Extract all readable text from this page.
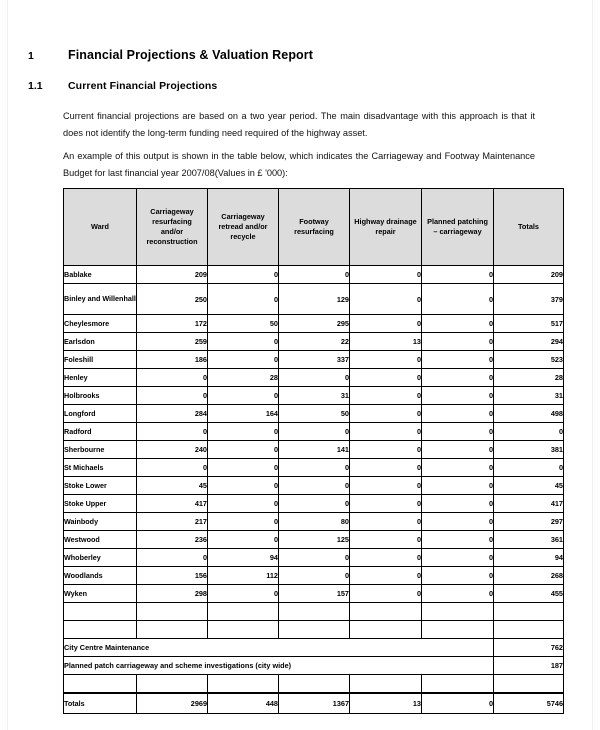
1	Financial Projections & Valuation Report
1.1	Current Financial Projections
Current financial projections are based on a two year period. The main disadvantage with this approach is that it does not identify the long-term funding need required of the highway asset.
An example of this output is shown in the table below, which indicates the Carriageway and Footway Maintenance Budget for last financial year 2007/08(Values in £ '000):
Ward	Carriageway resurfacing and/or reconstruction	Carriageway retread and/or recycle	Footway resurfacing	Highway drainage repair	Planned patching – carriageway	Totals
Bablake	209	0	0	0	0	209
Binley and Willenhall	250	0	129	0	0	379
Cheylesmore	172	50	295	0	0	517
Earlsdon	259	0	22	13	0	294
Foleshill	186	0	337	0	0	523
Henley	0	28	0	0	0	28
Holbrooks	0	0	31	0	0	31
Longford	284	164	50	0	0	498
Radford	0	0	0	0	0	0
Sherbourne	240	0	141	0	0	381
St Michaels	0	0	0	0	0	0
Stoke Lower	45	0	0	0	0	45
Stoke Upper	417	0	0	0	0	417
Wainbody	217	0	80	0	0	297
Westwood	236	0	125	0	0	361
Whoberley	0	94	0	0	0	94
Woodlands	156	112	0	0	0	268
Wyken	298	0	157	0	0	455

City Centre Maintenance						762
Planned patch carriageway and scheme investigations (city wide)						187

Totals	2969	448	1367	13	0	5746
